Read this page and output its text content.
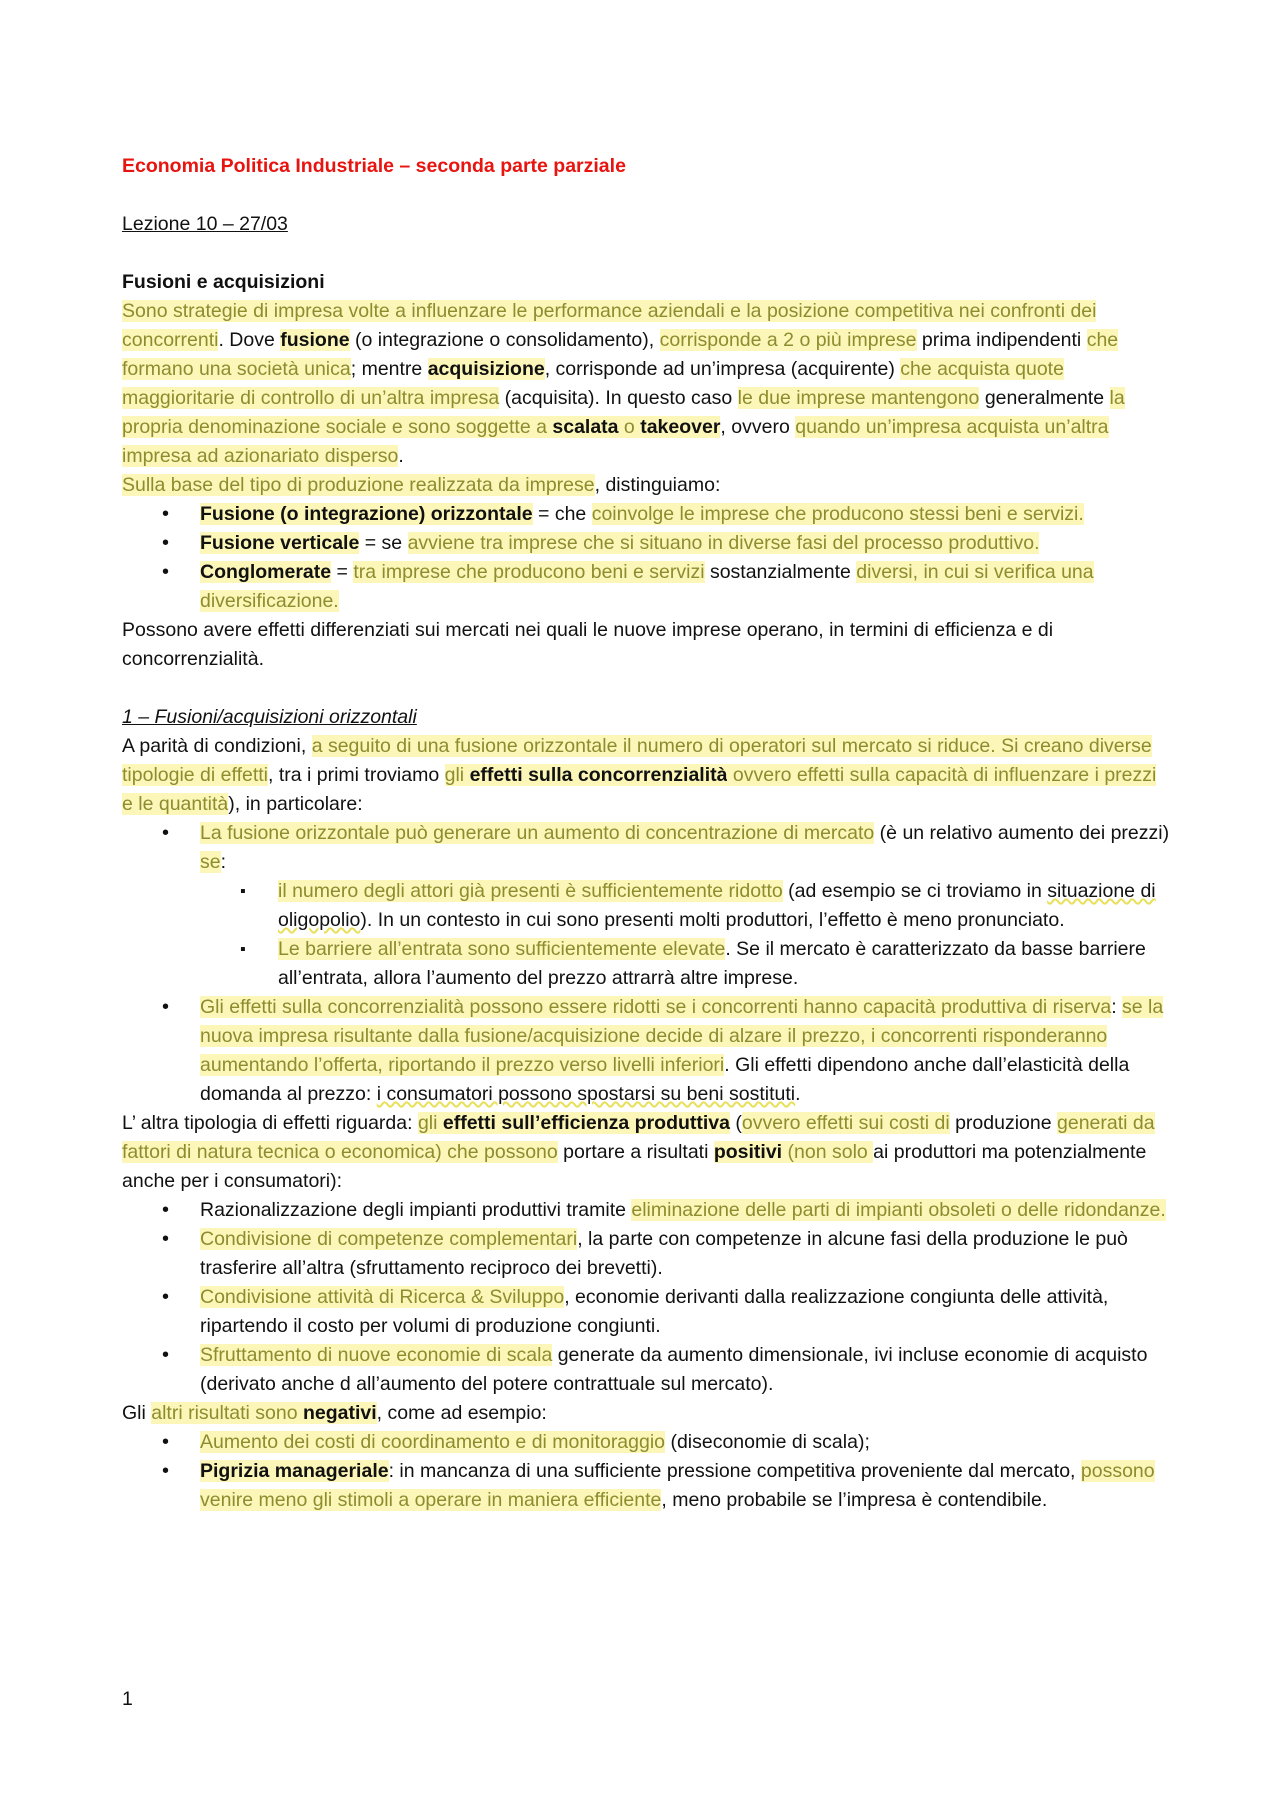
Economia Politica Industriale – seconda parte parziale

Lezione 10 – 27/03

Fusioni e acquisizioni

Sono strategie di impresa volte a influenzare le performance aziendali e la posizione competitiva nei confronti dei concorrenti. Dove fusione (o integrazione o consolidamento), corrisponde a 2 o più imprese prima indipendenti che formano una società unica; mentre acquisizione, corrisponde ad un’impresa (acquirente) che acquista quote maggioritarie di controllo di un’altra impresa (acquisita). In questo caso le due imprese mantengono generalmente la propria denominazione sociale e sono soggette a scalata o takeover, ovvero quando un’impresa acquista un’altra impresa ad azionariato disperso.

Sulla base del tipo di produzione realizzata da imprese, distinguiamo:

• Fusione (o integrazione) orizzontale = che coinvolge le imprese che producono stessi beni e servizi.
• Fusione verticale = se avviene tra imprese che si situano in diverse fasi del processo produttivo.
• Conglomerate = tra imprese che producono beni e servizi sostanzialmente diversi, in cui si verifica una diversificazione.

Possono avere effetti differenziati sui mercati nei quali le nuove imprese operano, in termini di efficienza e di concorrenzialità.

1 – Fusioni/acquisizioni orizzontali

A parità di condizioni, a seguito di una fusione orizzontale il numero di operatori sul mercato si riduce. Si creano diverse tipologie di effetti, tra i primi troviamo gli effetti sulla concorrenzialità ovvero effetti sulla capacità di influenzare i prezzi e le quantità), in particolare:

• La fusione orizzontale può generare un aumento di concentrazione di mercato (è un relativo aumento dei prezzi) se:
▪ il numero degli attori già presenti è sufficientemente ridotto (ad esempio se ci troviamo in situazione di oligopolio). In un contesto in cui sono presenti molti produttori, l’effetto è meno pronunciato.
▪ Le barriere all’entrata sono sufficientemente elevate. Se il mercato è caratterizzato da basse barriere all’entrata, allora l’aumento del prezzo attrarrà altre imprese.
• Gli effetti sulla concorrenzialità possono essere ridotti se i concorrenti hanno capacità produttiva di riserva: se la nuova impresa risultante dalla fusione/acquisizione decide di alzare il prezzo, i concorrenti risponderanno aumentando l’offerta, riportando il prezzo verso livelli inferiori. Gli effetti dipendono anche dall’elasticità della domanda al prezzo: i consumatori possono spostarsi su beni sostituti.

L’ altra tipologia di effetti riguarda: gli effetti sull’efficienza produttiva (ovvero effetti sui costi di produzione generati da fattori di natura tecnica o economica) che possono portare a risultati positivi (non solo ai produttori ma potenzialmente anche per i consumatori):

• Razionalizzazione degli impianti produttivi tramite eliminazione delle parti di impianti obsoleti o delle ridondanze.
• Condivisione di competenze complementari, la parte con competenze in alcune fasi della produzione le può trasferire all’altra (sfruttamento reciproco dei brevetti).
• Condivisione attività di Ricerca & Sviluppo, economie derivanti dalla realizzazione congiunta delle attività, ripartendo il costo per volumi di produzione congiunti.
• Sfruttamento di nuove economie di scala generate da aumento dimensionale, ivi incluse economie di acquisto (derivato anche d all’aumento del potere contrattuale sul mercato).

Gli altri risultati sono negativi, come ad esempio:

• Aumento dei costi di coordinamento e di monitoraggio (diseconomie di scala);
• Pigrizia manageriale: in mancanza di una sufficiente pressione competitiva proveniente dal mercato, possono venire meno gli stimoli a operare in maniera efficiente, meno probabile se l’impresa è contendibile.
1
